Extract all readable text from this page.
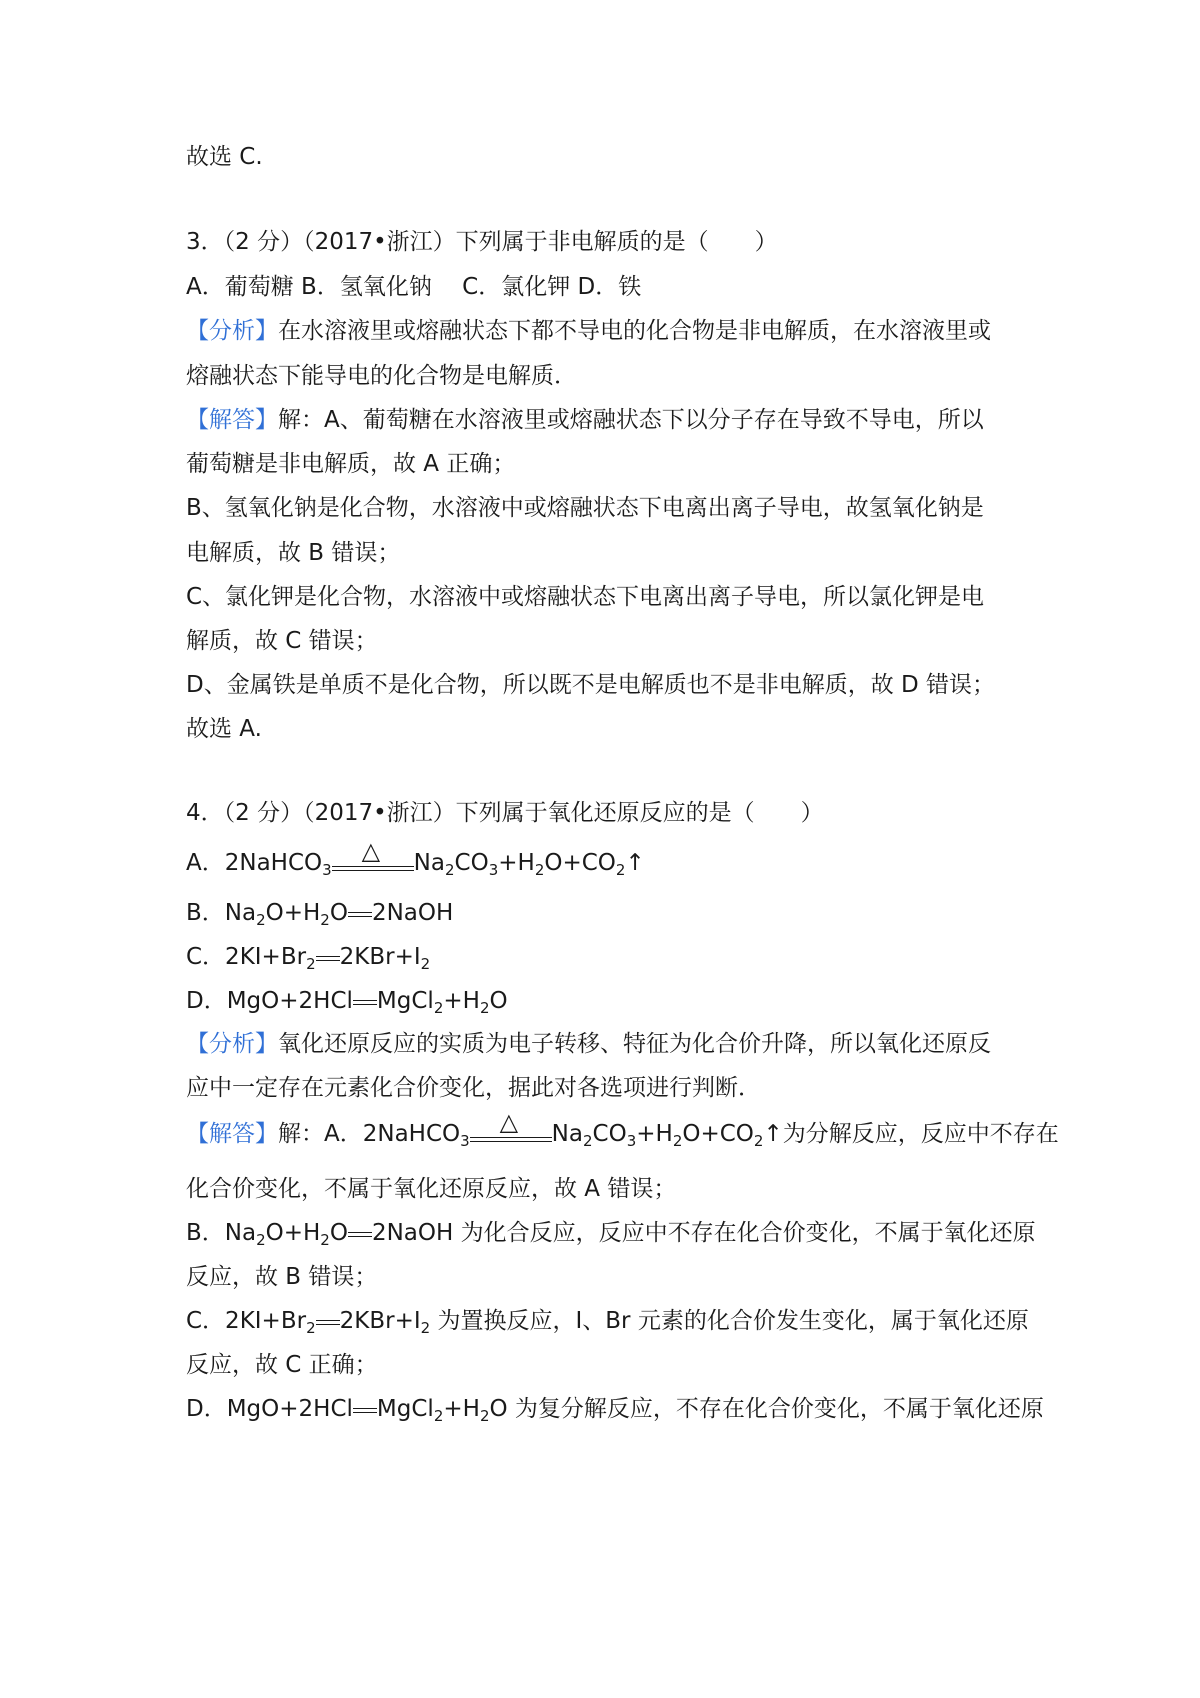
故选 C.
3．（2 分）（2017•浙江）下列属于非电解质的是（　　）
A．葡萄糖 B．氢氧化钠 　C．氯化钾 D．铁
【分析】在水溶液里或熔融状态下都不导电的化合物是非电解质，在水溶液里或
熔融状态下能导电的化合物是电解质．
【解答】解：A、葡萄糖在水溶液里或熔融状态下以分子存在导致不导电，所以
葡萄糖是非电解质，故 A 正确；
B、氢氧化钠是化合物，水溶液中或熔融状态下电离出离子导电，故氢氧化钠是
电解质，故 B 错误；
C、氯化钾是化合物，水溶液中或熔融状态下电离出离子导电，所以氯化钾是电
解质，故 C 错误；
D、金属铁是单质不是化合物，所以既不是电解质也不是非电解质，故 D 错误；
故选 A.
4．（2 分）（2017•浙江）下列属于氧化还原反应的是（　　）
A．2NaHCO$_3$
△ $Na_2CO_3+H_2O+CO_2↑$
B．$Na_2O+H_2O$ 2NaOH
C．$2KI+Br_2$ $2KBr+I_2$
D．MgO+2HCl $MgCl_2+H_2O$
【分析】氧化还原反应的实质为电子转移、特征为化合价升降，所以氧化还原反
应中一定存在元素化合价变化，据此对各选项进行判断．
【解答】解：A．2NaHCO$_3$
△ $Na_2CO_3+H_2O+CO_2↑$为分解反应，反应中不存在
化合价变化，不属于氧化还原反应，故 A 错误；
B．$Na_2O+H_2O$ 2NaOH 为化合反应，反应中不存在化合价变化，不属于氧化还原
反应，故 B 错误；
C．$2KI+Br_2$ $2KBr+I_2$ 为置换反应，I、Br 元素的化合价发生变化，属于氧化还原
反应，故 C 正确；
D．MgO+2HCl $MgCl_2+H_2O$ 为复分解反应，不存在化合价变化，不属于氧化还原
